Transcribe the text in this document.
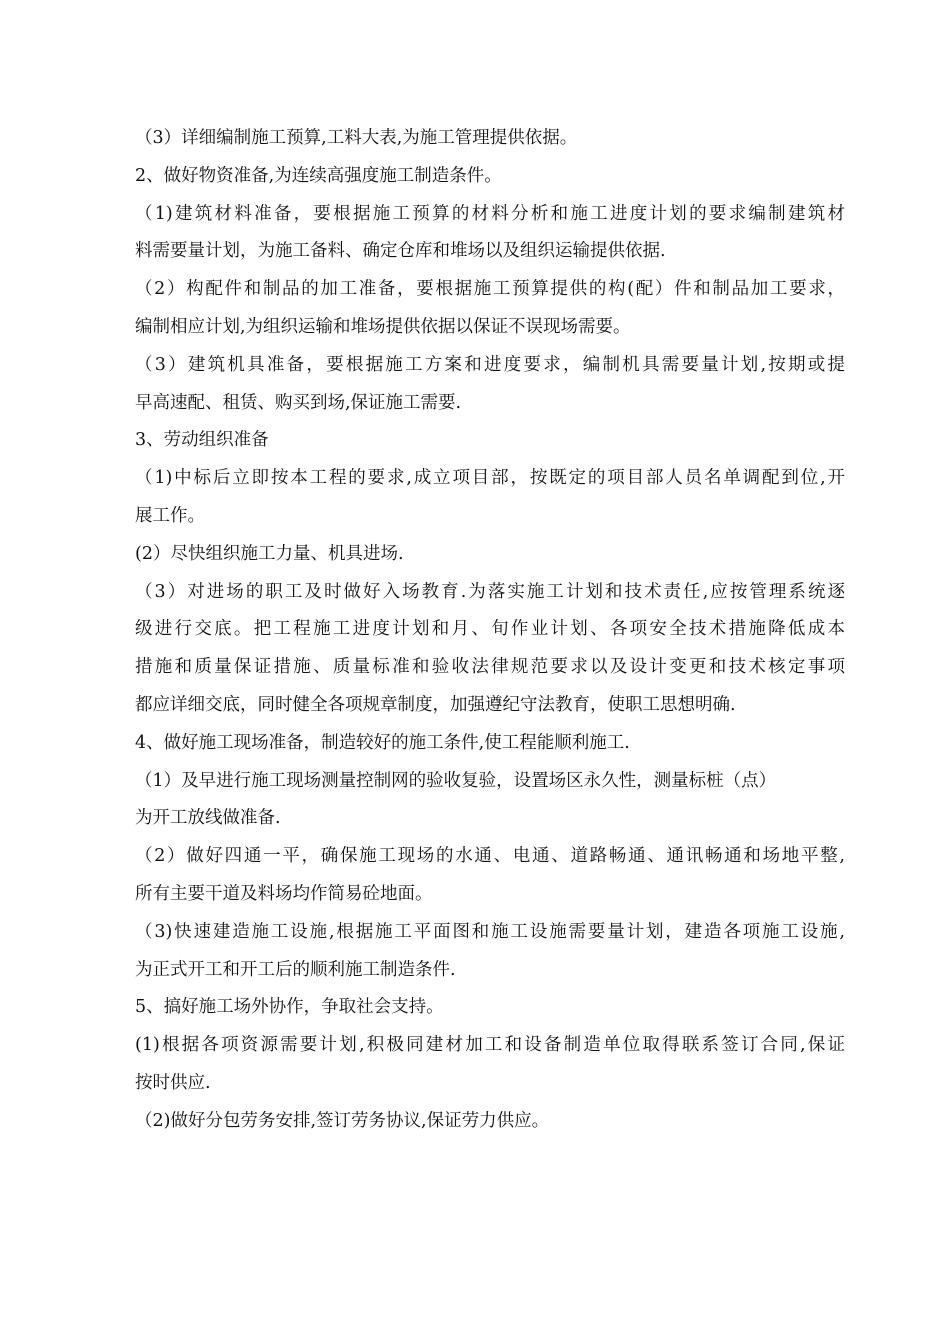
（3）详细编制施工预算,工料大表,为施工管理提供依据。
2、做好物资准备,为连续高强度施工制造条件。
（1)建筑材料准备，要根据施工预算的材料分析和施工进度计划的要求编制建筑材
料需要量计划，为施工备料、确定仓库和堆场以及组织运输提供依据.
（2）构配件和制品的加工准备，要根据施工预算提供的构(配）件和制品加工要求，
编制相应计划,为组织运输和堆场提供依据以保证不误现场需要。
（3）建筑机具准备，要根据施工方案和进度要求，编制机具需要量计划,按期或提
早高速配、租赁、购买到场,保证施工需要.
3、劳动组织准备
（1)中标后立即按本工程的要求,成立项目部，按既定的项目部人员名单调配到位,开
展工作。
(2）尽快组织施工力量、机具进场.
（3）对进场的职工及时做好入场教育.为落实施工计划和技术责任,应按管理系统逐
级进行交底。把工程施工进度计划和月、旬作业计划、各项安全技术措施降低成本
措施和质量保证措施、质量标准和验收法律规范要求以及设计变更和技术核定事项
都应详细交底，同时健全各项规章制度，加强遵纪守法教育，使职工思想明确.
4、做好施工现场准备，制造较好的施工条件,使工程能顺利施工.
（1）及早进行施工现场测量控制网的验收复验，设置场区永久性，测量标桩（点）
为开工放线做准备.
（2）做好四通一平，确保施工现场的水通、电通、道路畅通、通讯畅通和场地平整,
所有主要干道及料场均作简易砼地面。
（3)快速建造施工设施,根据施工平面图和施工设施需要量计划，建造各项施工设施,
为正式开工和开工后的顺利施工制造条件.
5、搞好施工场外协作，争取社会支持。
(1)根据各项资源需要计划,积极同建材加工和设备制造单位取得联系签订合同,保证
按时供应.
（2)做好分包劳务安排,签订劳务协议,保证劳力供应。
